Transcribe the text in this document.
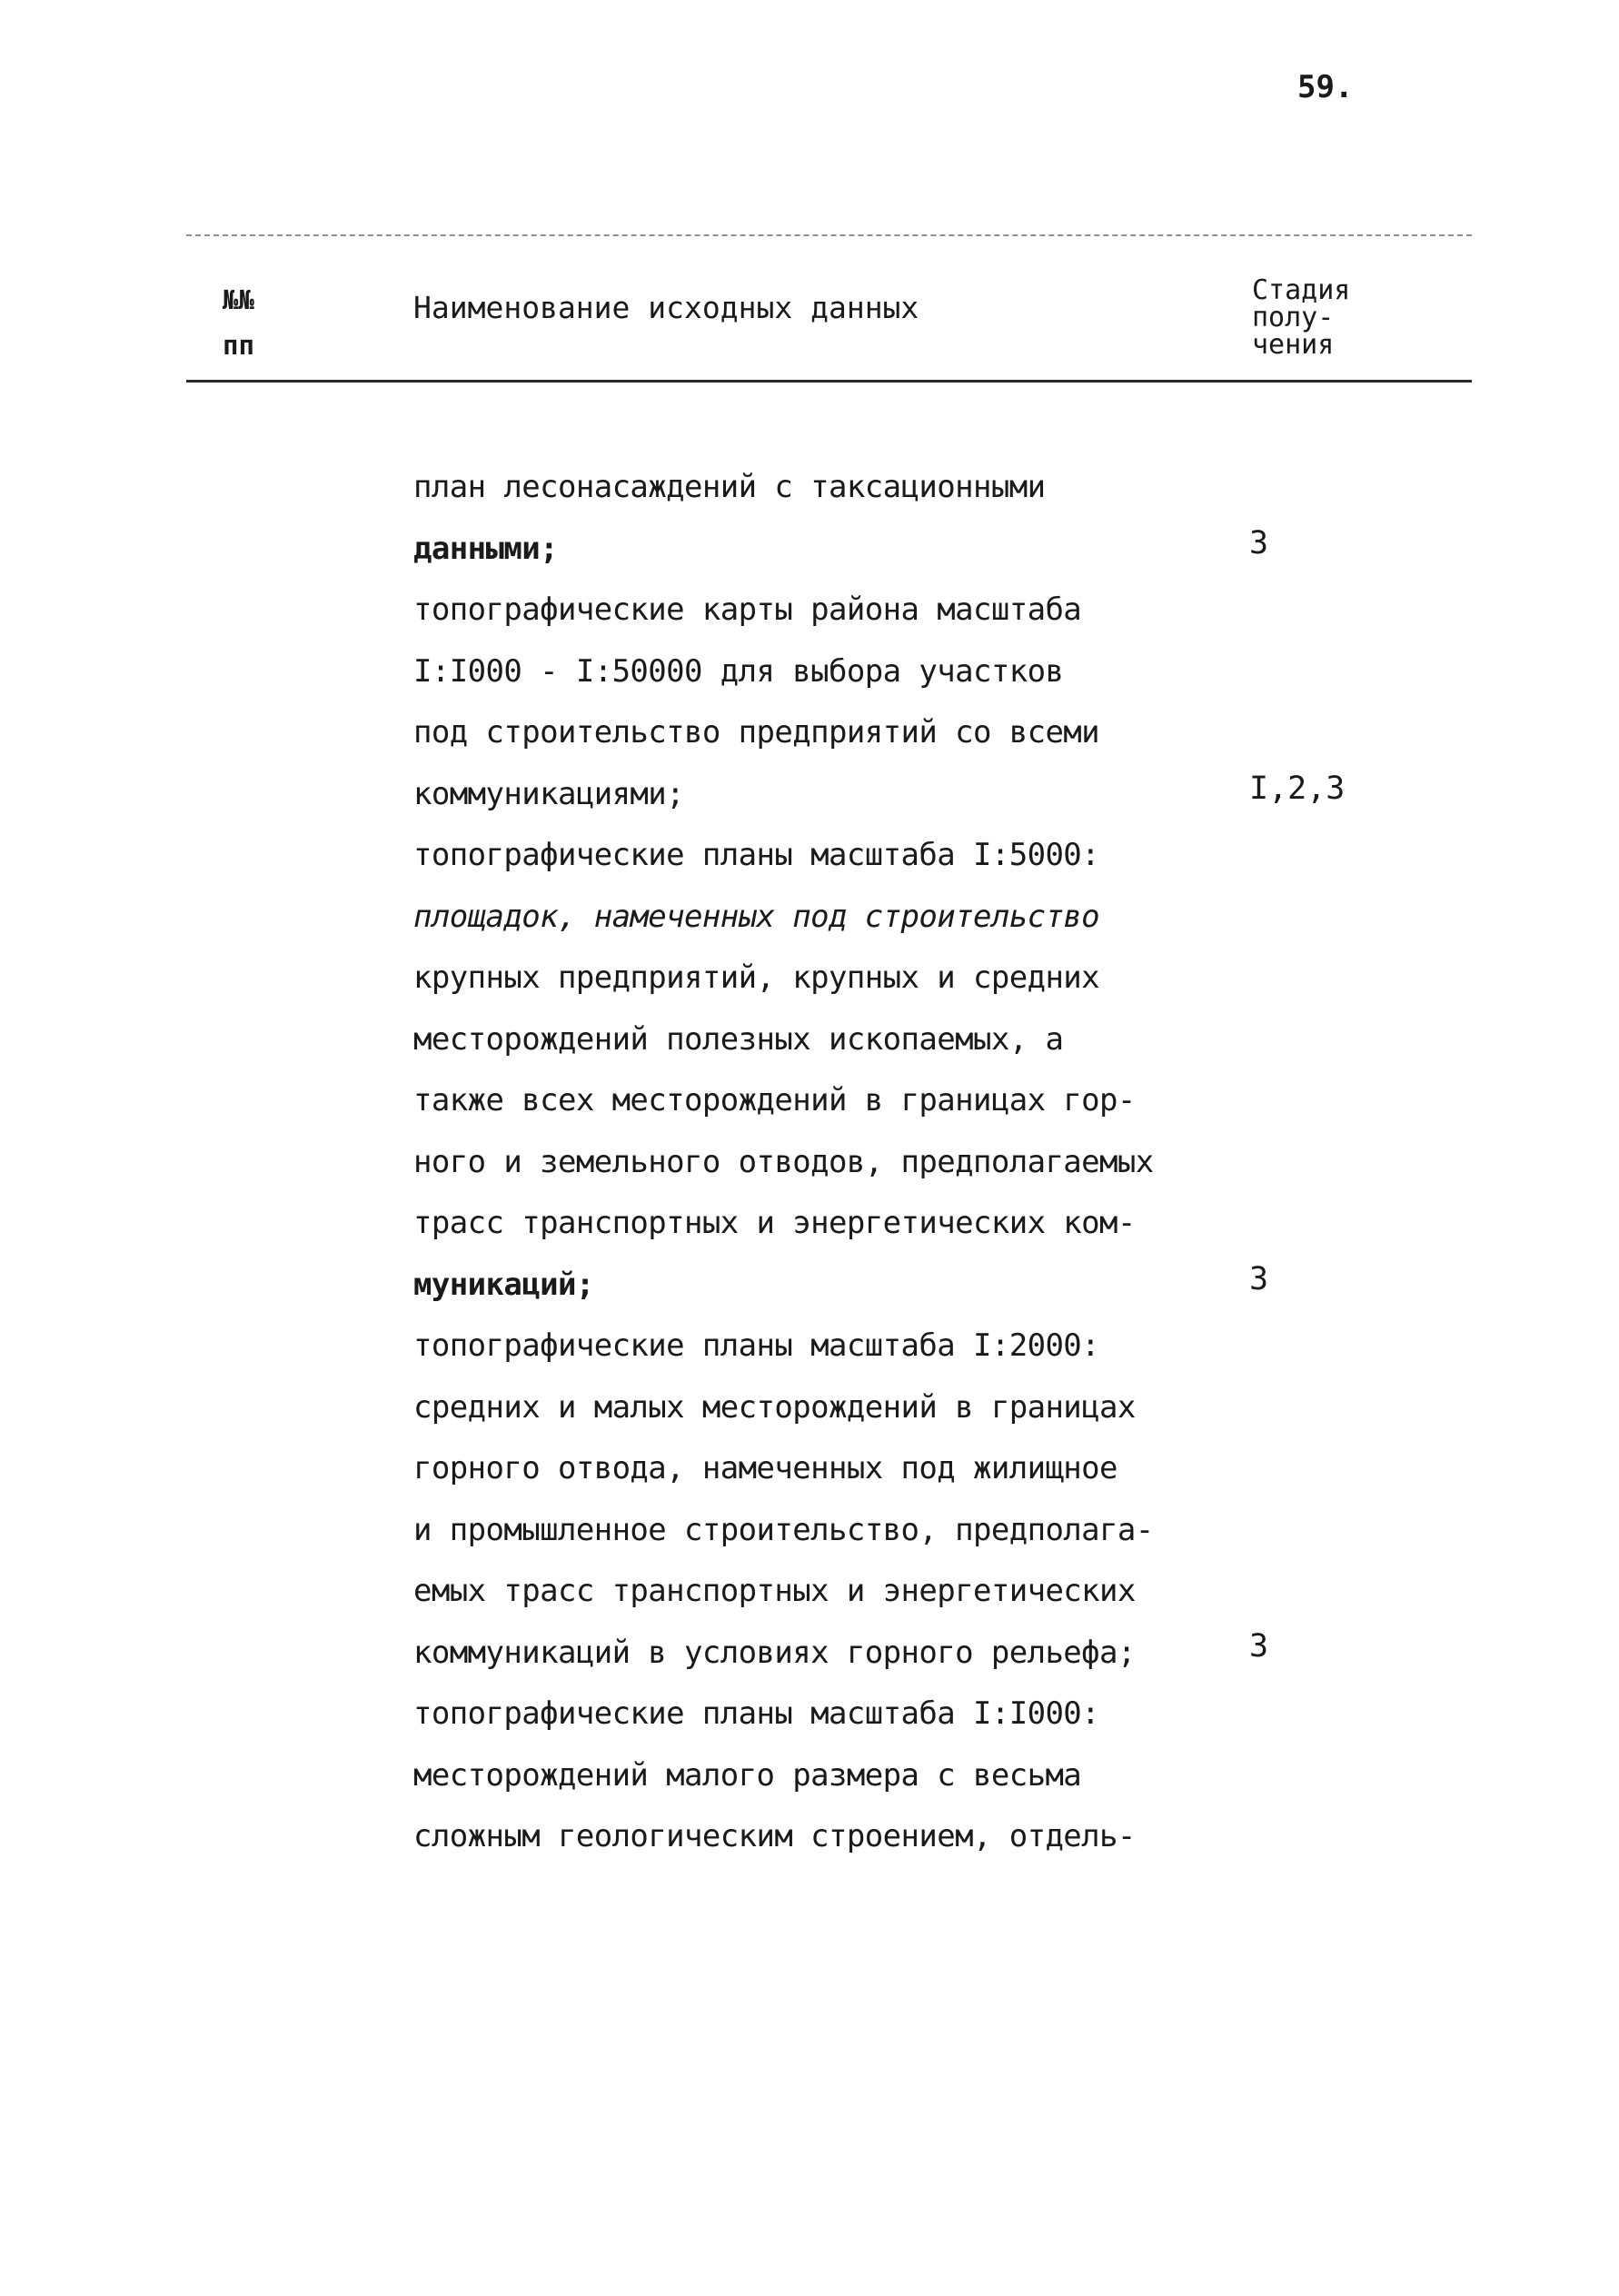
59.
№№
пп
Наименование исходных данных	Стадия
полу-
чения
план лесонасаждений с таксационными
данными;
топографические карты района масштаба
I:I000 - I:50000 для выбора участков
под строительство предприятий со всеми
коммуникациями;
топографические планы масштаба I:5000:
площадок, намеченных под строительство
крупных предприятий, крупных и средних
месторождений полезных ископаемых, а
также всех месторождений в границах гор-
ного и земельного отводов, предполагаемых
трасс транспортных и энергетических ком-
муникаций;
топографические планы масштаба I:2000:
средних и малых месторождений в границах
горного отвода, намеченных под жилищное
и промышленное строительство, предполага-
емых трасс транспортных и энергетических
коммуникаций в условиях горного рельефа;
топографические планы масштаба I:I000:
месторождений малого размера с весьма
сложным геологическим строением, отдель-
3
I,2,3
3
3
